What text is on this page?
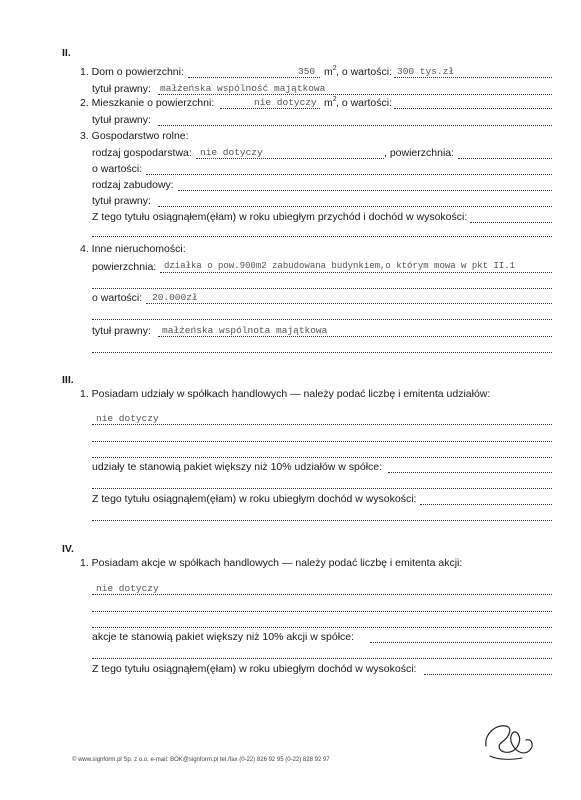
II.
1. Dom o powierzchni:	350 $m^2$ , o wartości: 300 tys.zł
tytuł prawny: małżeńska wspólność majątkowa
2. Mieszkanie o powierzchni:	nie dotyczy $m^2$ , o wartości:
tytuł prawny:
3. Gospodarstwo rolne:
rodzaj gospodarstwa: nie dotyczy	, powierzchnia:
o wartości:
rodzaj zabudowy:
tytuł prawny:
Z tego tytułu osiągnąłem(ęłam) w roku ubiegłym przychód i dochód w wysokości:
4. Inne nieruchomości:
powierzchnia: działka o pow.900m2 zabudowana budynkiem,o którym mowa w pkt II.1
o wartości: 20.000zł
tytuł prawny: małżeńska wspólnota majątkowa
III.
1. Posiadam udziały w spółkach handlowych — należy podać liczbę i emitenta udziałów:
nie dotyczy
udziały te stanowią pakiet większy niż 10% udziałów w spółce:
Z tego tytułu osiągnąłem(ęłam) w roku ubiegłym dochód w wysokości:
IV.
1. Posiadam akcje w spółkach handlowych — należy podać liczbę i emitenta akcji:
nie dotyczy
akcje te stanowią pakiet większy niż 10% akcji w spółce:
Z tego tytułu osiągnąłem(ęłam) w roku ubiegłym dochód w wysokości:
© www.signform.pl Sp. z o.o. e-mail: BOK@signform.pl tel./fax (0-22) 826 92 95 (0-22) 828 92 97
